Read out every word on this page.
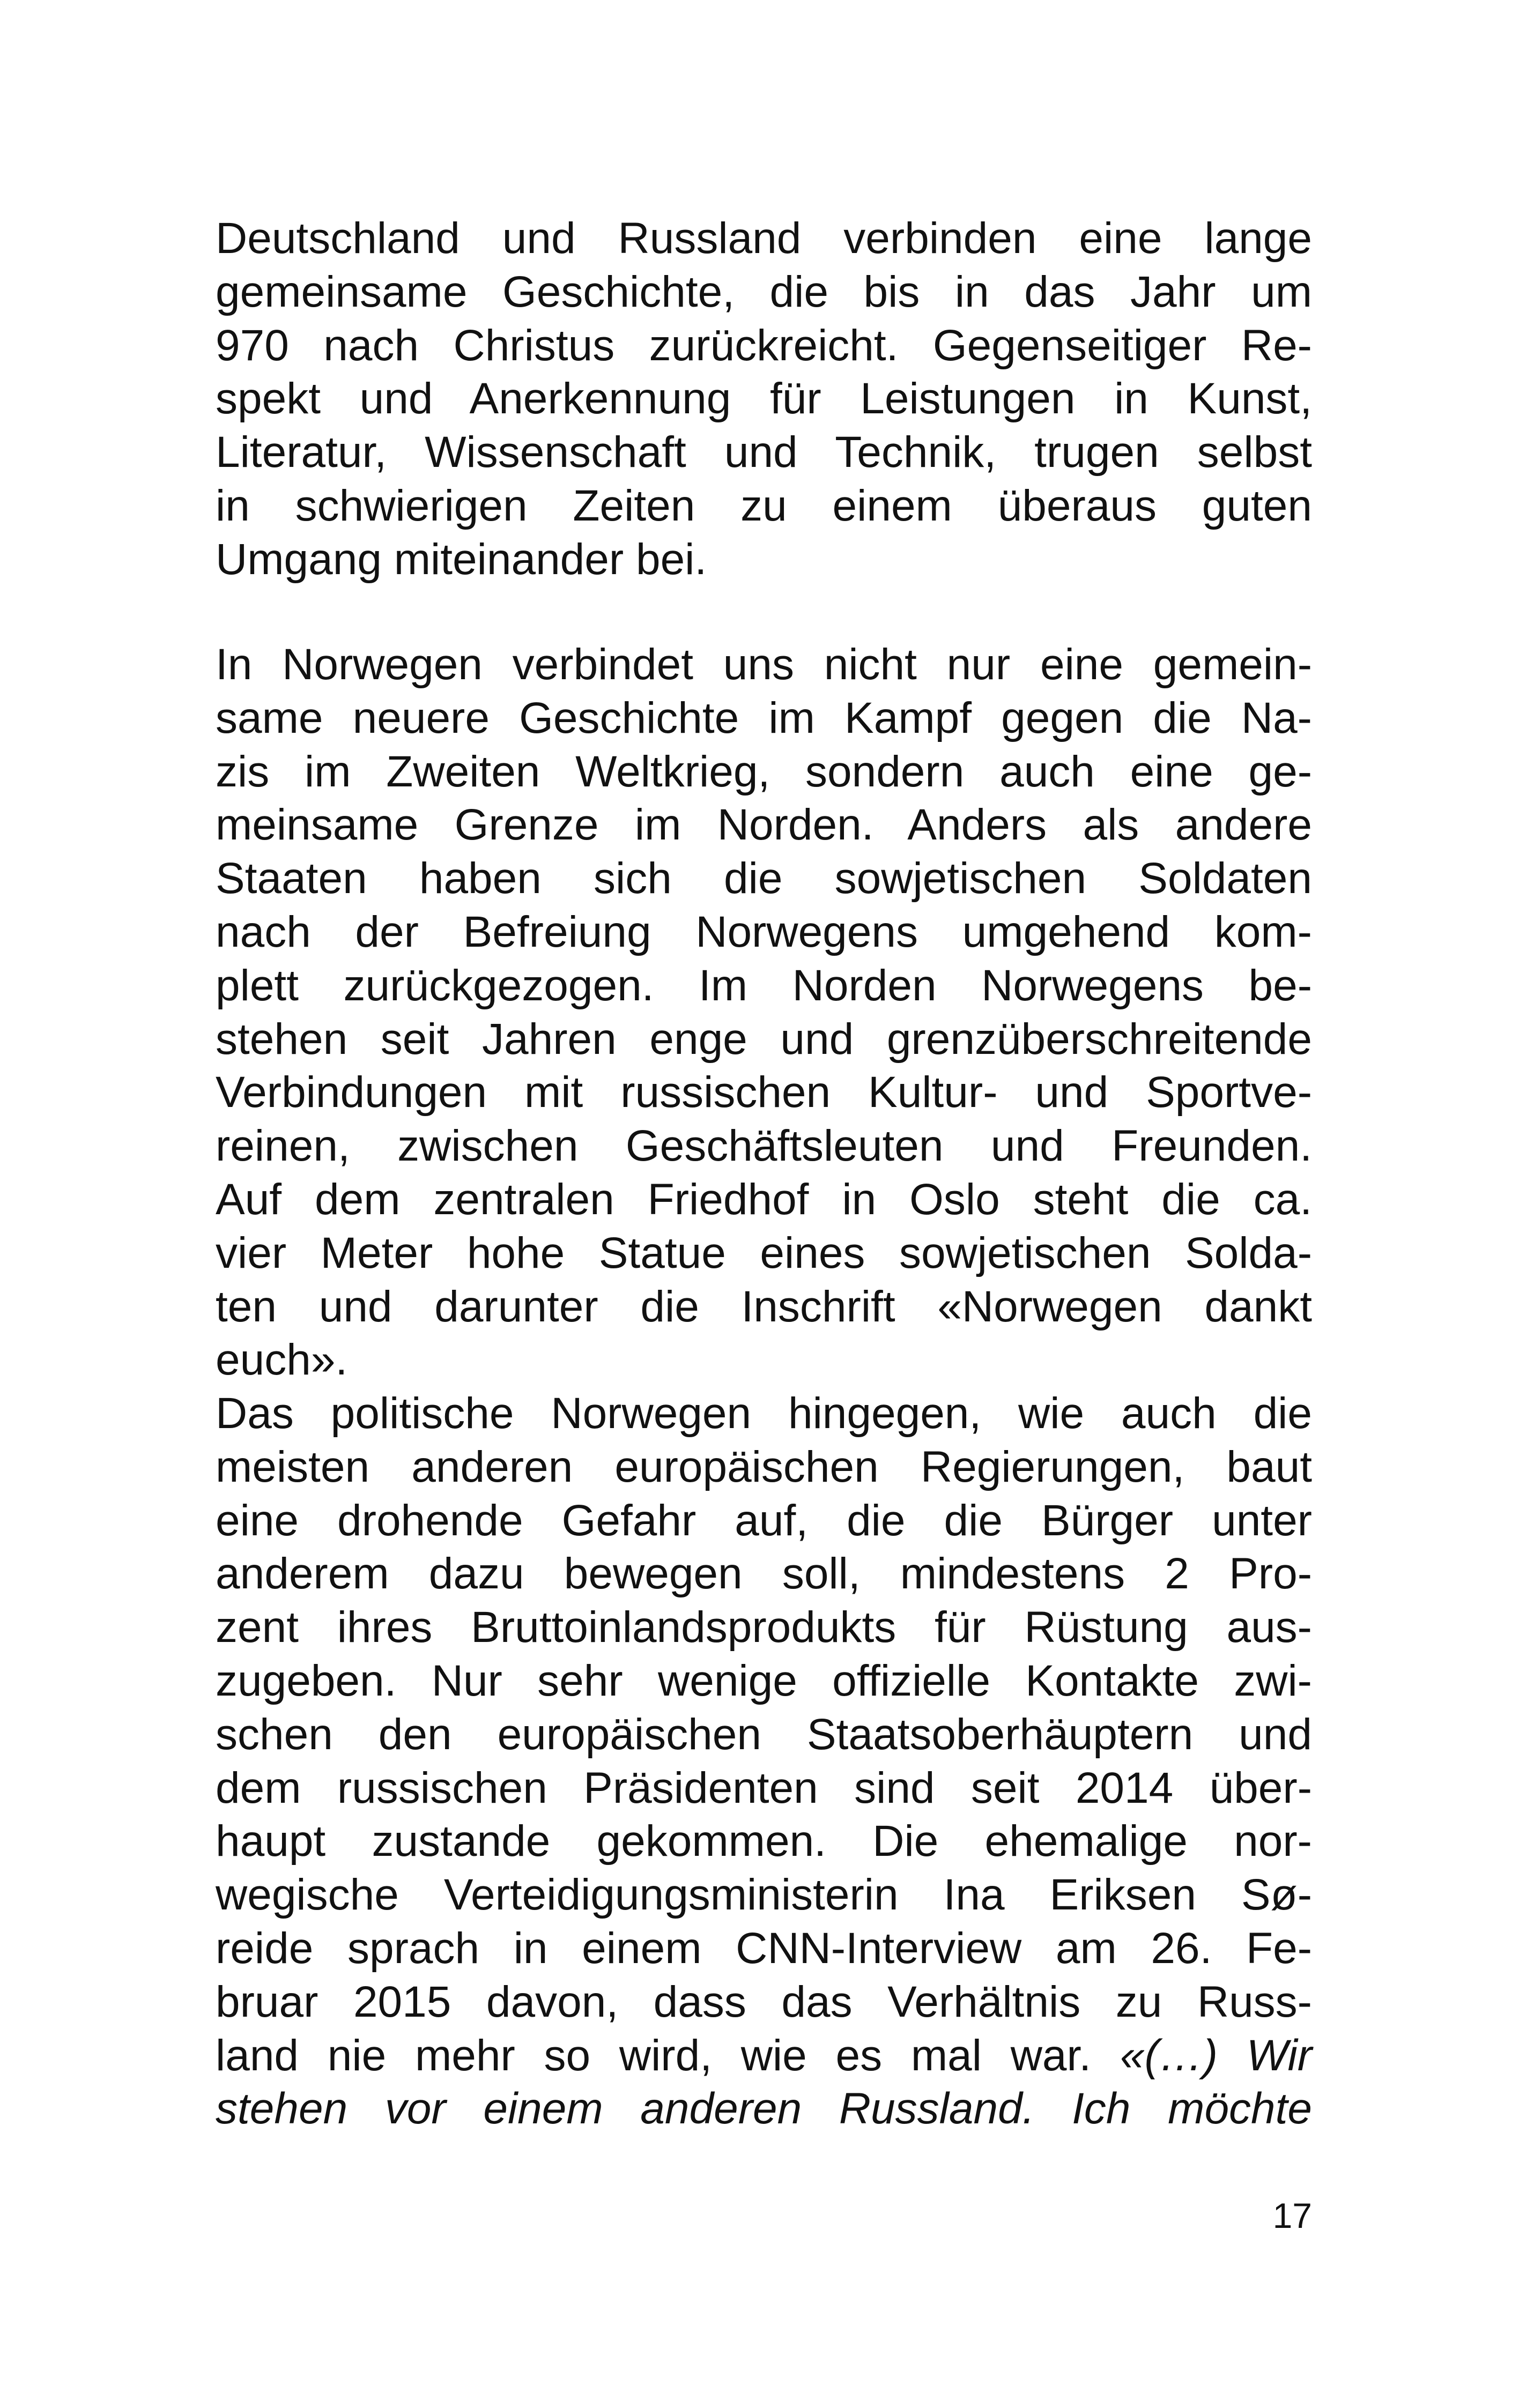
Deutschland und Russland verbinden eine lange
gemeinsame Geschichte, die bis in das Jahr um
970 nach Christus zurückreicht. Gegenseitiger Re-
spekt und Anerkennung für Leistungen in Kunst,
Literatur, Wissenschaft und Technik, trugen selbst
in schwierigen Zeiten zu einem überaus guten
Umgang miteinander bei.
In Norwegen verbindet uns nicht nur eine gemein-
same neuere Geschichte im Kampf gegen die Na-
zis im Zweiten Weltkrieg, sondern auch eine ge-
meinsame Grenze im Norden. Anders als andere
Staaten haben sich die sowjetischen Soldaten
nach der Befreiung Norwegens umgehend kom-
plett zurückgezogen. Im Norden Norwegens be-
stehen seit Jahren enge und grenzüberschreitende
Verbindungen mit russischen Kultur- und Sportve-
reinen, zwischen Geschäftsleuten und Freunden.
Auf dem zentralen Friedhof in Oslo steht die ca.
vier Meter hohe Statue eines sowjetischen Solda-
ten und darunter die Inschrift «Norwegen dankt
euch».
Das politische Norwegen hingegen, wie auch die
meisten anderen europäischen Regierungen, baut
eine drohende Gefahr auf, die die Bürger unter
anderem dazu bewegen soll, mindestens 2 Pro-
zent ihres Bruttoinlandsprodukts für Rüstung aus-
zugeben. Nur sehr wenige offizielle Kontakte zwi-
schen den europäischen Staatsoberhäuptern und
dem russischen Präsidenten sind seit 2014 über-
haupt zustande gekommen. Die ehemalige nor-
wegische Verteidigungsministerin Ina Eriksen Sø-
reide sprach in einem CNN-Interview am 26. Fe-
bruar 2015 davon, dass das Verhältnis zu Russ-
land nie mehr so wird, wie es mal war. «(…) Wir
stehen vor einem anderen Russland. Ich möchte
17
